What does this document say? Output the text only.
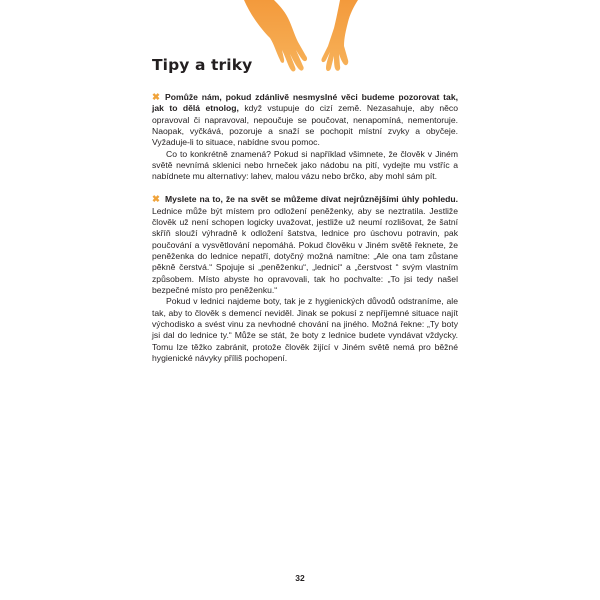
Tipy a triky

✖ Pomůže nám, pokud zdánlivě nesmyslné věci budeme pozorovat tak, jak to dělá etnolog, když vstupuje do cizí země. Nezasahuje, aby něco opravoval či napravoval, nepoučuje se poučovat, nenapomíná, nementoruje. Naopak, vyčkává, pozoruje a snaží se pochopit místní zvyky a obyčeje. Vyžaduje-li to situace, nabídne svou pomoc.

Co to konkrétně znamená? Pokud si například všimnete, že člověk v Jiném světě nevnímá sklenici nebo hrneček jako nádobu na pití, vydejte mu vstříc a nabídnete mu alternativy: lahev, malou vázu nebo brčko, aby mohl sám pít.

✖ Myslete na to, že na svět se můžeme dívat nejrůznějšími úhly pohledu. Lednice může být místem pro odložení peněženky, aby se neztratila. Jestliže člověk už není schopen logicky uvažovat, jestliže už neumí rozlišovat, že šatní skříň slouží výhradně k odložení šatstva, lednice pro úschovu potravin, pak poučování a vysvětlování nepomáhá. Pokud člověku v Jiném světě řeknete, že peněženka do lednice nepatří, dotyčný možná namítne: „Ale ona tam zůstane pěkně čerstvá.“ Spojuje si „peněženku“, „lednici“ a „čerstvost “ svým vlastním způsobem. Místo abyste ho opravovali, tak ho pochvalte: „To jsi tedy našel bezpečné místo pro peněženku.“

Pokud v lednici najdeme boty, tak je z hygienických důvodů odstraníme, ale tak, aby to člověk s demencí neviděl. Jinak se pokusí z nepříjemné situace najít východisko a svést vinu za nevhodné chování na jiného. Možná řekne: „Ty boty jsi dal do lednice ty.“ Může se stát, že boty z lednice budete vyndávat vždycky. Tomu lze těžko zabránit, protože člověk žijící v Jiném světě nemá pro běžné hygienické návyky příliš pochopení.

32
